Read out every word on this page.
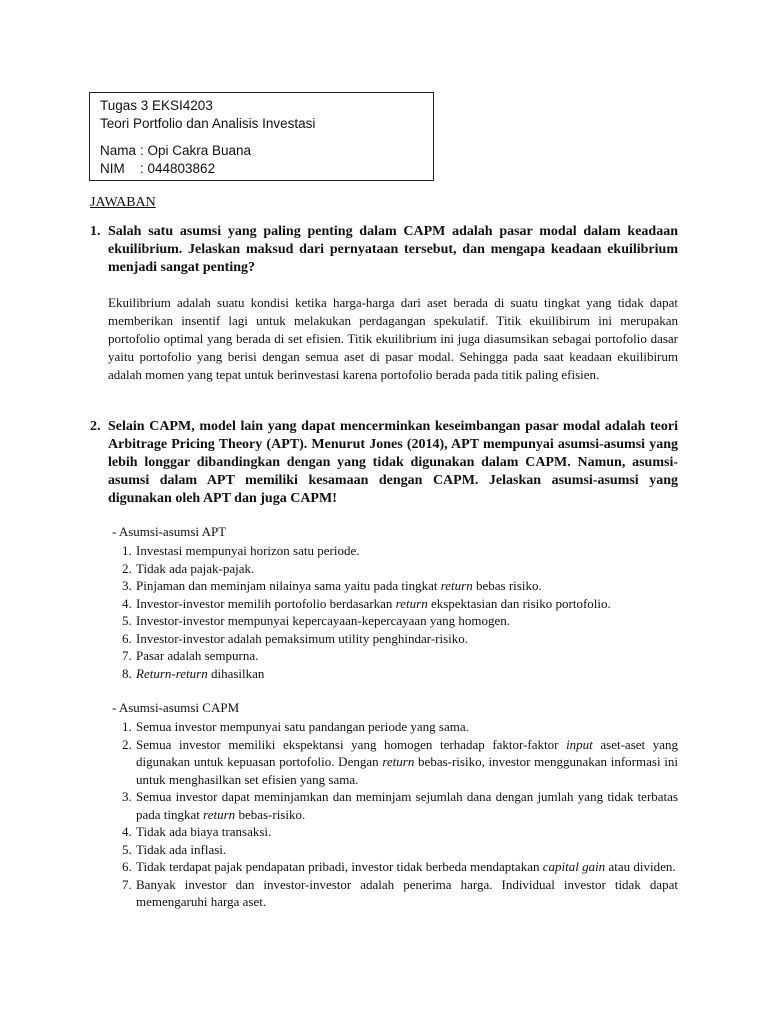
Tugas 3 EKSI4203
Teori Portfolio dan Analisis Investasi
Nama : Opi Cakra Buana
NIM : 044803862
JAWABAN
1. Salah satu asumsi yang paling penting dalam CAPM adalah pasar modal dalam keadaan ekuilibrium. Jelaskan maksud dari pernyataan tersebut, dan mengapa keadaan ekuilibrium menjadi sangat penting?
Ekuilibrium adalah suatu kondisi ketika harga-harga dari aset berada di suatu tingkat yang tidak dapat memberikan insentif lagi untuk melakukan perdagangan spekulatif. Titik ekuilibirum ini merupakan portofolio optimal yang berada di set efisien. Titik ekuilibrium ini juga diasumsikan sebagai portofolio dasar yaitu portofolio yang berisi dengan semua aset di pasar modal. Sehingga pada saat keadaan ekuilibirum adalah momen yang tepat untuk berinvestasi karena portofolio berada pada titik paling efisien.
2. Selain CAPM, model lain yang dapat mencerminkan keseimbangan pasar modal adalah teori Arbitrage Pricing Theory (APT). Menurut Jones (2014), APT mempunyai asumsi-asumsi yang lebih longgar dibandingkan dengan yang tidak digunakan dalam CAPM. Namun, asumsi-asumsi dalam APT memiliki kesamaan dengan CAPM. Jelaskan asumsi-asumsi yang digunakan oleh APT dan juga CAPM!
- Asumsi-asumsi APT
1. Investasi mempunyai horizon satu periode.
2. Tidak ada pajak-pajak.
3. Pinjaman dan meminjam nilainya sama yaitu pada tingkat return bebas risiko.
4. Investor-investor memilih portofolio berdasarkan return ekspektasian dan risiko portofolio.
5. Investor-investor mempunyai kepercayaan-kepercayaan yang homogen.
6. Investor-investor adalah pemaksimum utility penghindar-risiko.
7. Pasar adalah sempurna.
8. Return-return dihasilkan
- Asumsi-asumsi CAPM
1. Semua investor mempunyai satu pandangan periode yang sama.
2. Semua investor memiliki ekspektansi yang homogen terhadap faktor-faktor input aset-aset yang digunakan untuk kepuasan portofolio. Dengan return bebas-risiko, investor menggunakan informasi ini untuk menghasilkan set efisien yang sama.
3. Semua investor dapat meminjamkan dan meminjam sejumlah dana dengan jumlah yang tidak terbatas pada tingkat return bebas-risiko.
4. Tidak ada biaya transaksi.
5. Tidak ada inflasi.
6. Tidak terdapat pajak pendapatan pribadi, investor tidak berbeda mendaptakan capital gain atau dividen.
7. Banyak investor dan investor-investor adalah penerima harga. Individual investor tidak dapat memengaruhi harga aset.
